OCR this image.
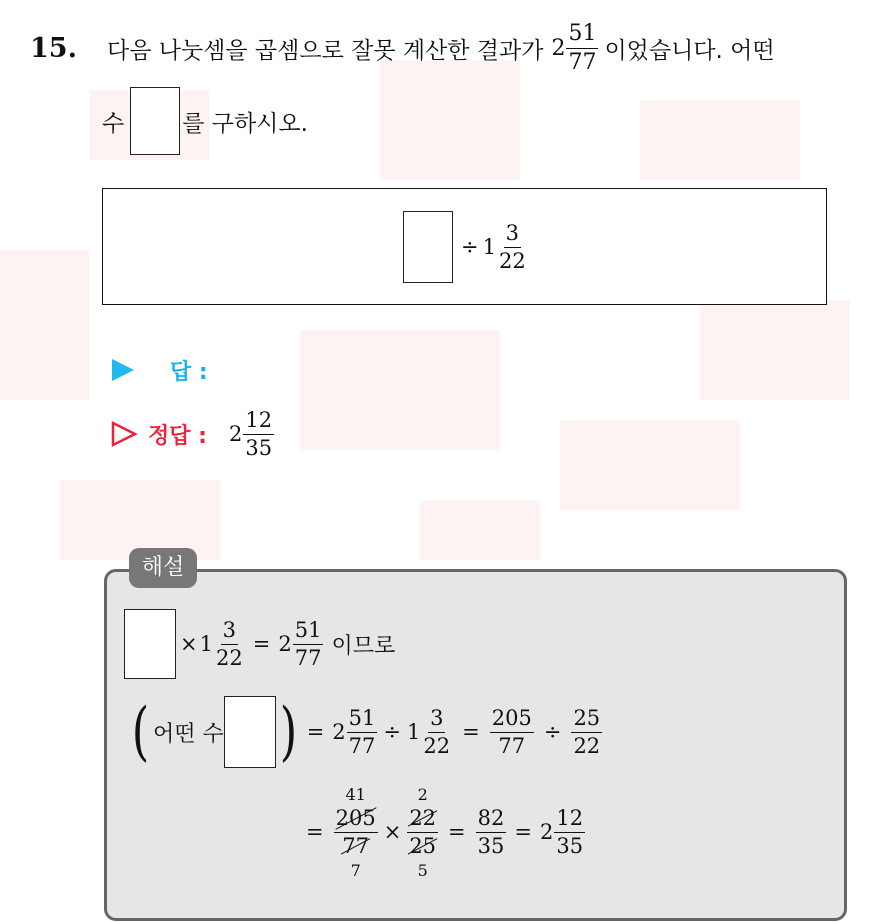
15. 다음 나눗셈을 곱셈으로 잘못 계산한 결과가 $2 \frac{51}{77}$ 이었습니다. 어떤
수	를 구하시오.
÷ $1 \frac{3}{22}$
답 :
정답 : $2 \frac{12}{35}$
해설
× $1 \frac{3}{22} = 2 \frac{51}{77}$ 이므로
( 어떤 수 ) = $2 \frac{51}{77} \div 1 \frac{3}{22} = \frac{205}{77} \div \frac{25}{22}$
=
41
$\frac{205}{77}$
7
×
2
$\frac{22}{25}$
5
= $\frac{82}{35} = 2 \frac{12}{35}$
